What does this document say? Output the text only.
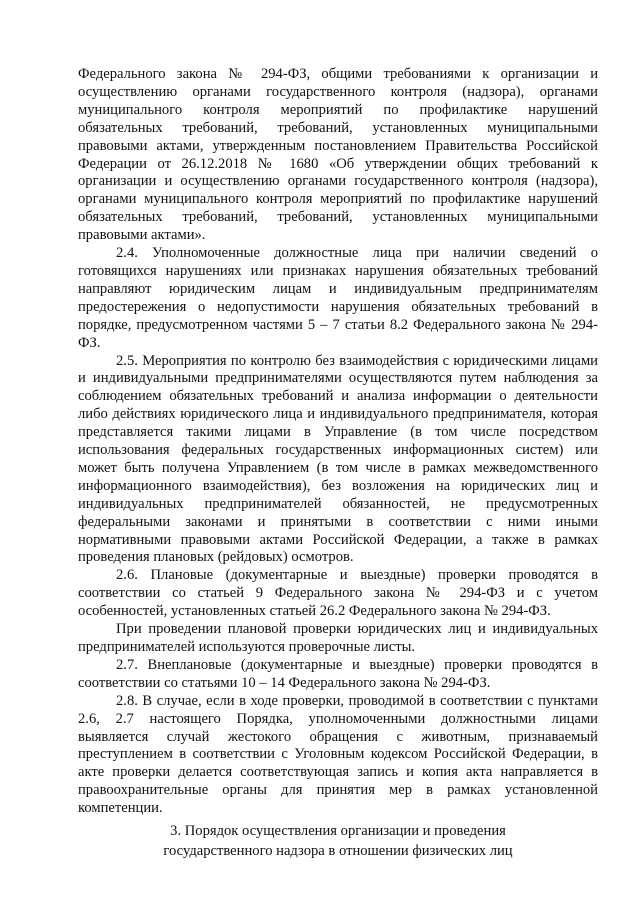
Федерального закона № 294-ФЗ, общими требованиями к организации и осуществлению органами государственного контроля (надзора), органами муниципального контроля мероприятий по профилактике нарушений обязательных требований, требований, установленных муниципальными правовыми актами, утвержденным постановлением Правительства Российской Федерации от 26.12.2018 № 1680 «Об утверждении общих требований к организации и осуществлению органами государственного контроля (надзора), органами муниципального контроля мероприятий по профилактике нарушений обязательных требований, требований, установленных муниципальными правовыми актами».

2.4. Уполномоченные должностные лица при наличии сведений о готовящихся нарушениях или признаках нарушения обязательных требований направляют юридическим лицам и индивидуальным предпринимателям предостережения о недопустимости нарушения обязательных требований в порядке, предусмотренном частями 5 – 7 статьи 8.2 Федерального закона № 294-ФЗ.

2.5. Мероприятия по контролю без взаимодействия с юридическими лицами и индивидуальными предпринимателями осуществляются путем наблюдения за соблюдением обязательных требований и анализа информации о деятельности либо действиях юридического лица и индивидуального предпринимателя, которая представляется такими лицами в Управление (в том числе посредством использования федеральных государственных информационных систем) или может быть получена Управлением (в том числе в рамках межведомственного информационного взаимодействия), без возложения на юридических лиц и индивидуальных предпринимателей обязанностей, не предусмотренных федеральными законами и принятыми в соответствии с ними иными нормативными правовыми актами Российской Федерации, а также в рамках проведения плановых (рейдовых) осмотров.

2.6. Плановые (документарные и выездные) проверки проводятся в соответствии со статьей 9 Федерального закона № 294-ФЗ и с учетом особенностей, установленных статьей 26.2 Федерального закона № 294-ФЗ.

При проведении плановой проверки юридических лиц и индивидуальных предпринимателей используются проверочные листы.

2.7. Внеплановые (документарные и выездные) проверки проводятся в соответствии со статьями 10 – 14 Федерального закона № 294-ФЗ.

2.8. В случае, если в ходе проверки, проводимой в соответствии с пунктами 2.6, 2.7 настоящего Порядка, уполномоченными должностными лицами выявляется случай жестокого обращения с животным, признаваемый преступлением в соответствии с Уголовным кодексом Российской Федерации, в акте проверки делается соответствующая запись и копия акта направляется в правоохранительные органы для принятия мер в рамках установленной компетенции.

3. Порядок осуществления организации и проведения
государственного надзора в отношении физических лиц
